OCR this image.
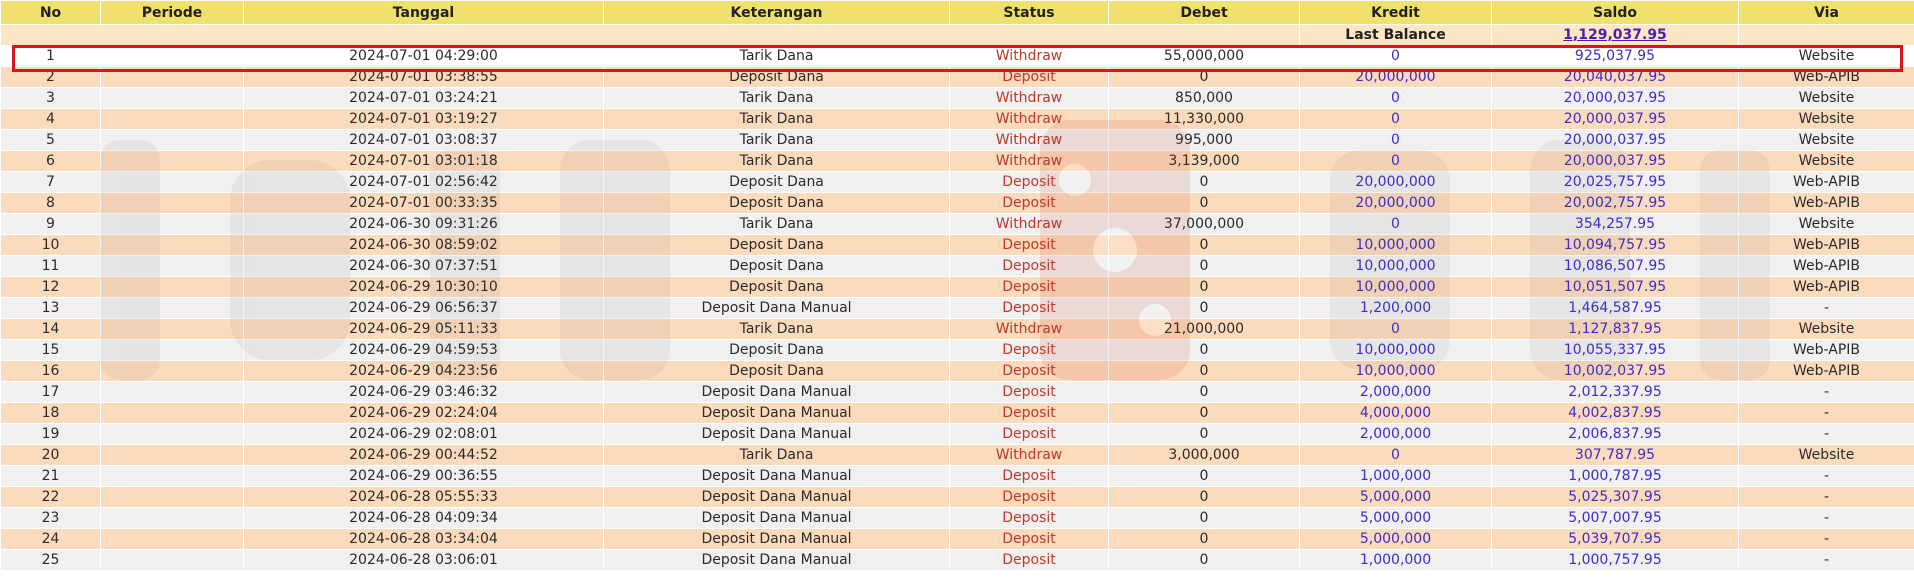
No	Periode	Tanggal	Keterangan	Status	Debet	Kredit	Saldo	Via
						Last Balance	1,129,037.95	
1		2024-07-01 04:29:00	Tarik Dana	Withdraw	55,000,000	0	925,037.95	Website
2		2024-07-01 03:38:55	Deposit Dana	Deposit	0	20,000,000	20,040,037.95	Web-APIB
3		2024-07-01 03:24:21	Tarik Dana	Withdraw	850,000	0	20,000,037.95	Website
4		2024-07-01 03:19:27	Tarik Dana	Withdraw	11,330,000	0	20,000,037.95	Website
5		2024-07-01 03:08:37	Tarik Dana	Withdraw	995,000	0	20,000,037.95	Website
6		2024-07-01 03:01:18	Tarik Dana	Withdraw	3,139,000	0	20,000,037.95	Website
7		2024-07-01 02:56:42	Deposit Dana	Deposit	0	20,000,000	20,025,757.95	Web-APIB
8		2024-07-01 00:33:35	Deposit Dana	Deposit	0	20,000,000	20,002,757.95	Web-APIB
9		2024-06-30 09:31:26	Tarik Dana	Withdraw	37,000,000	0	354,257.95	Website
10		2024-06-30 08:59:02	Deposit Dana	Deposit	0	10,000,000	10,094,757.95	Web-APIB
11		2024-06-30 07:37:51	Deposit Dana	Deposit	0	10,000,000	10,086,507.95	Web-APIB
12		2024-06-29 10:30:10	Deposit Dana	Deposit	0	10,000,000	10,051,507.95	Web-APIB
13		2024-06-29 06:56:37	Deposit Dana Manual	Deposit	0	1,200,000	1,464,587.95	-
14		2024-06-29 05:11:33	Tarik Dana	Withdraw	21,000,000	0	1,127,837.95	Website
15		2024-06-29 04:59:53	Deposit Dana	Deposit	0	10,000,000	10,055,337.95	Web-APIB
16		2024-06-29 04:23:56	Deposit Dana	Deposit	0	10,000,000	10,002,037.95	Web-APIB
17		2024-06-29 03:46:32	Deposit Dana Manual	Deposit	0	2,000,000	2,012,337.95	-
18		2024-06-29 02:24:04	Deposit Dana Manual	Deposit	0	4,000,000	4,002,837.95	-
19		2024-06-29 02:08:01	Deposit Dana Manual	Deposit	0	2,000,000	2,006,837.95	-
20		2024-06-29 00:44:52	Tarik Dana	Withdraw	3,000,000	0	307,787.95	Website
21		2024-06-29 00:36:55	Deposit Dana Manual	Deposit	0	1,000,000	1,000,787.95	-
22		2024-06-28 05:55:33	Deposit Dana Manual	Deposit	0	5,000,000	5,025,307.95	-
23		2024-06-28 04:09:34	Deposit Dana Manual	Deposit	0	5,000,000	5,007,007.95	-
24		2024-06-28 03:34:04	Deposit Dana Manual	Deposit	0	5,000,000	5,039,707.95	-
25		2024-06-28 03:06:01	Deposit Dana Manual	Deposit	0	1,000,000	1,000,757.95	-
